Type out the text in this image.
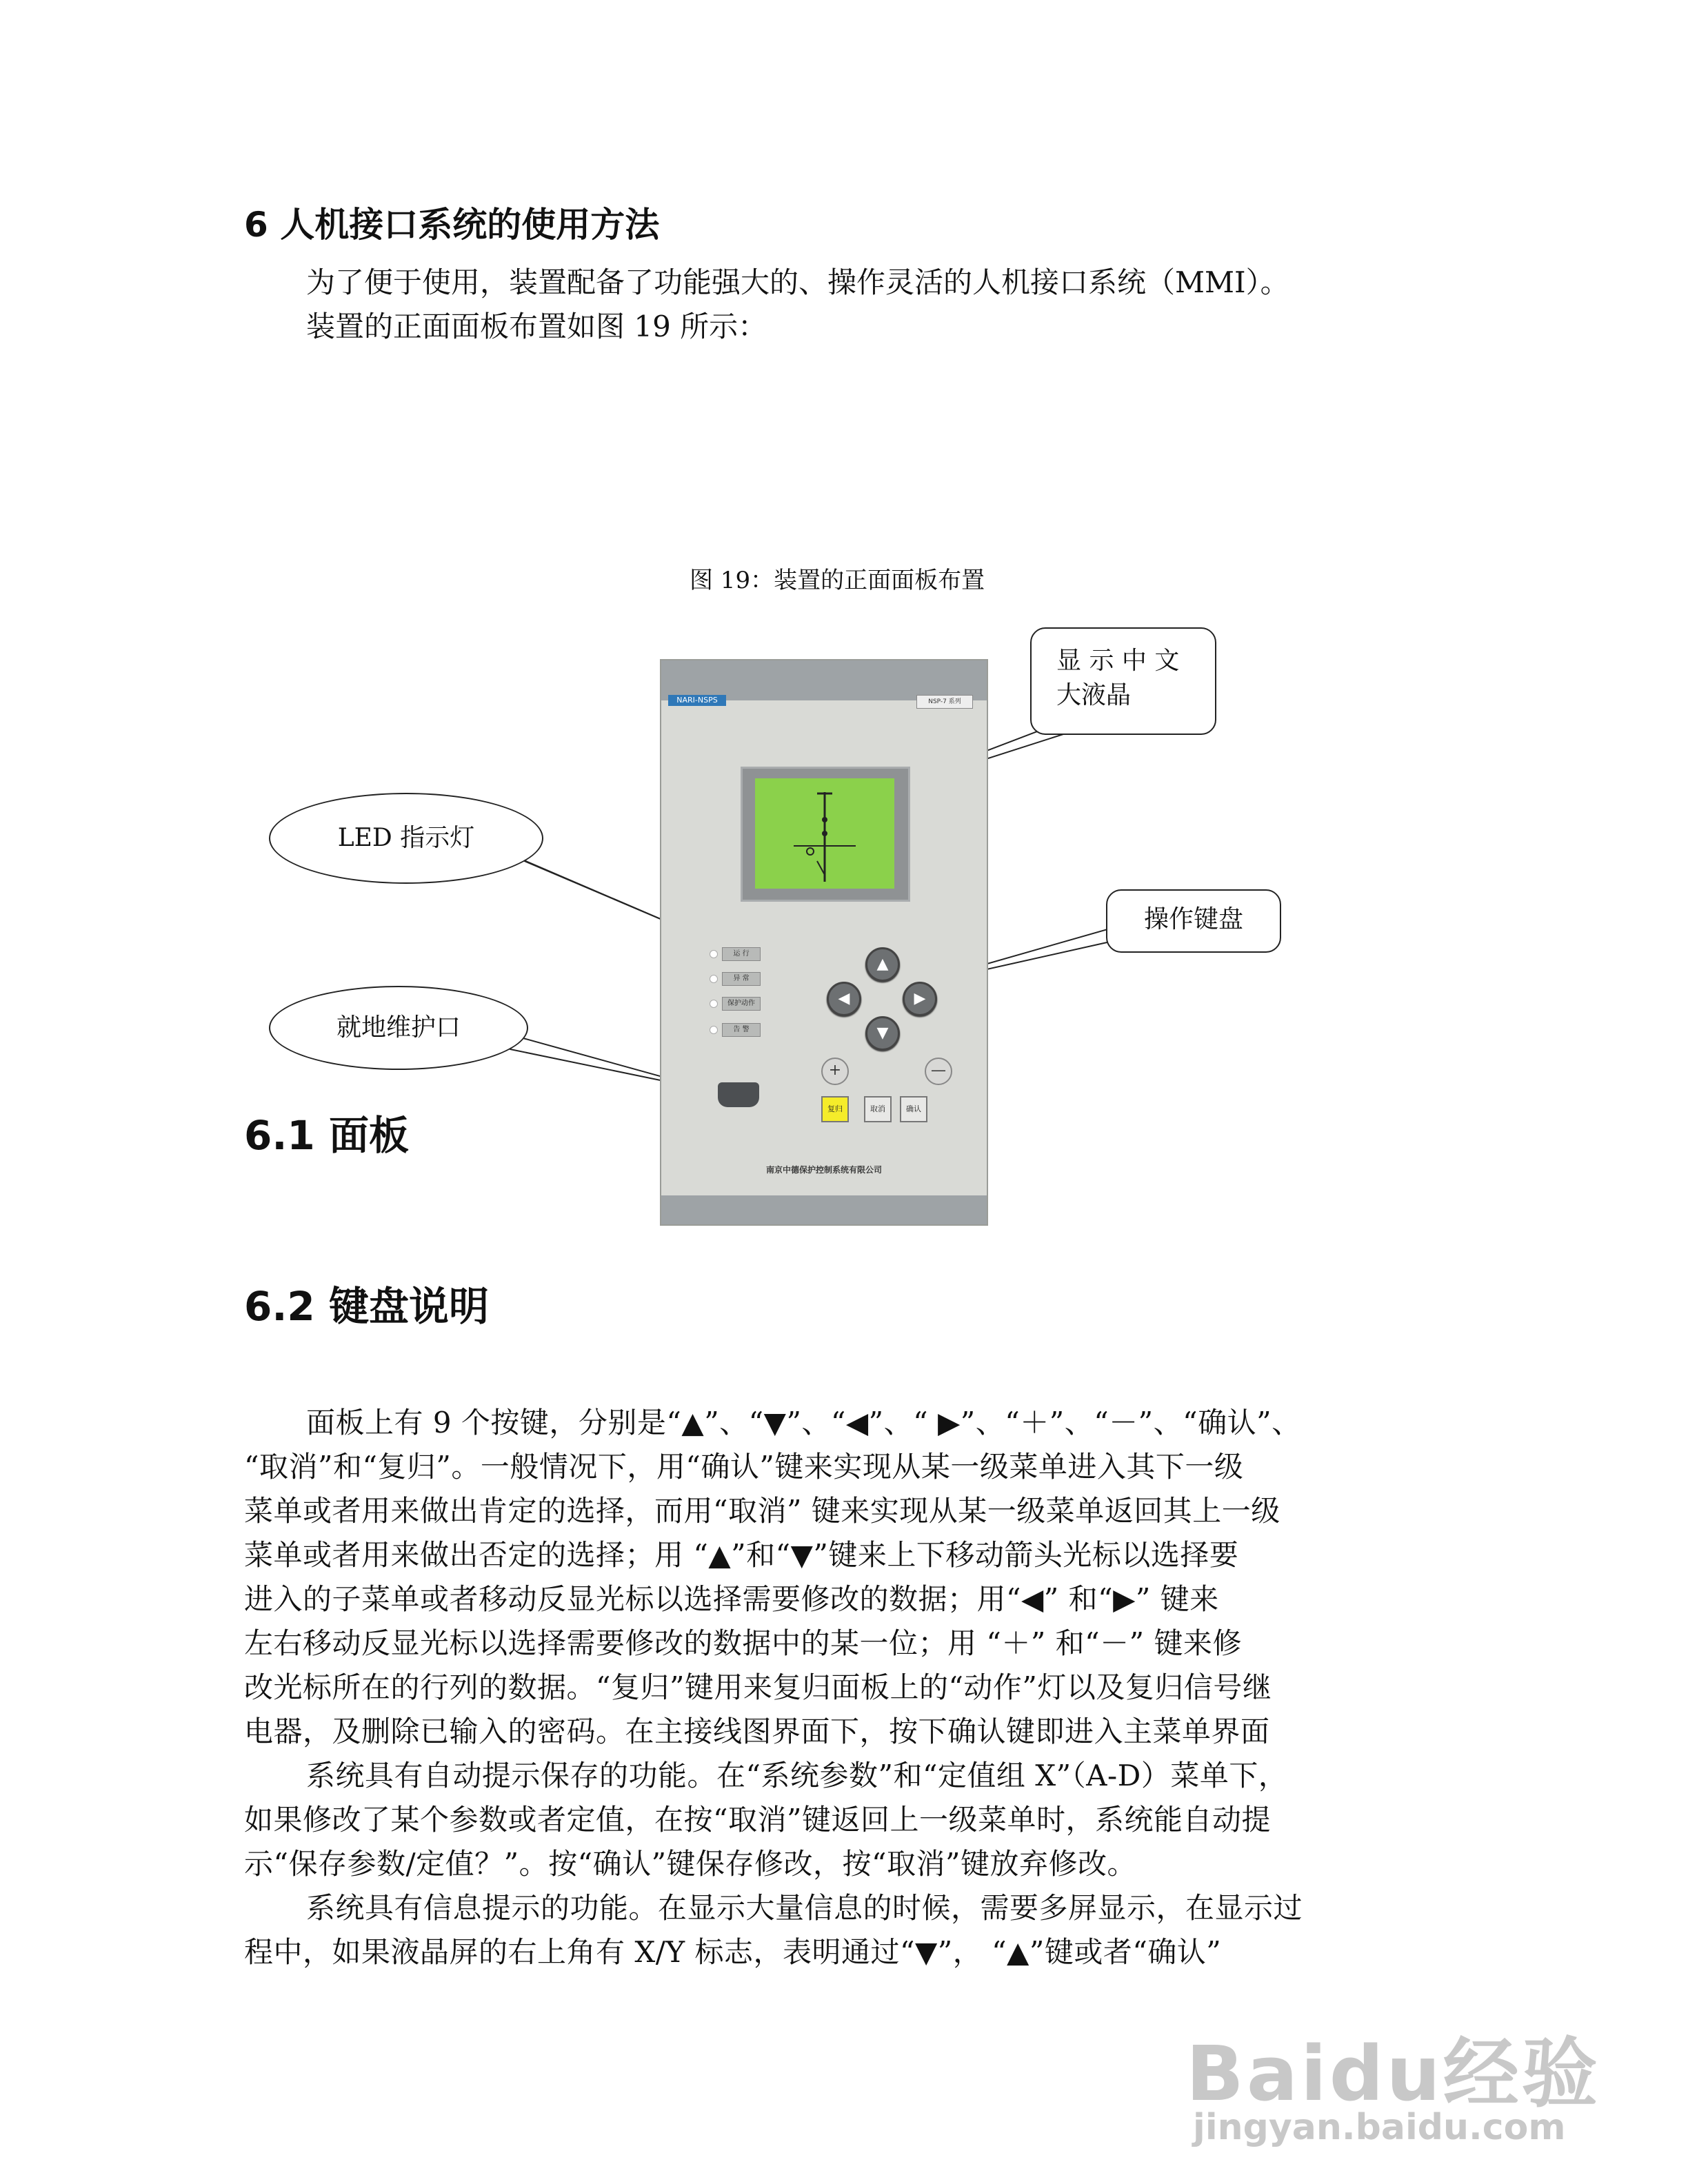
6 人机接口系统的使用方法
为了便于使用，装置配备了功能强大的、操作灵活的人机接口系统（MMI）。
装置的正面面板布置如图 19 所示：
图 19：装置的正面面板布置
NARI-NSPS	NSP-7 系列
运 行
异 常
保护动作
告 警
▲
◀	▶
▼
+	—
复归	取消	确认
南京中德保护控制系统有限公司
显 示 中 文
大液晶
LED 指示灯
操作键盘
就地维护口
6.1 面板
6.2 键盘说明
面板上有 9 个按键，分别是“▲”、“▼”、“◀”、“ ▶”、“＋”、“－”、“确认”、
“取消”和“复归”。一般情况下，用“确认”键来实现从某一级菜单进入其下一级
菜单或者用来做出肯定的选择，而用“取消” 键来实现从某一级菜单返回其上一级
菜单或者用来做出否定的选择；用 “▲”和“▼”键来上下移动箭头光标以选择要
进入的子菜单或者移动反显光标以选择需要修改的数据；用“◀” 和“▶” 键来
左右移动反显光标以选择需要修改的数据中的某一位；用 “＋” 和“－” 键来修
改光标所在的行列的数据。“复归”键用来复归面板上的“动作”灯以及复归信号继
电器，及删除已输入的密码。在主接线图界面下，按下确认键即进入主菜单界面
系统具有自动提示保存的功能。在“系统参数”和“定值组 X”（A-D）菜单下，
如果修改了某个参数或者定值，在按“取消”键返回上一级菜单时，系统能自动提
示“保存参数/定值？”。按“确认”键保存修改，按“取消”键放弃修改。
系统具有信息提示的功能。在显示大量信息的时候，需要多屏显示，在显示过
程中，如果液晶屏的右上角有 X/Y 标志，表明通过“▼”， “▲”键或者“确认”
Baidu经验
jingyan.baidu.com
